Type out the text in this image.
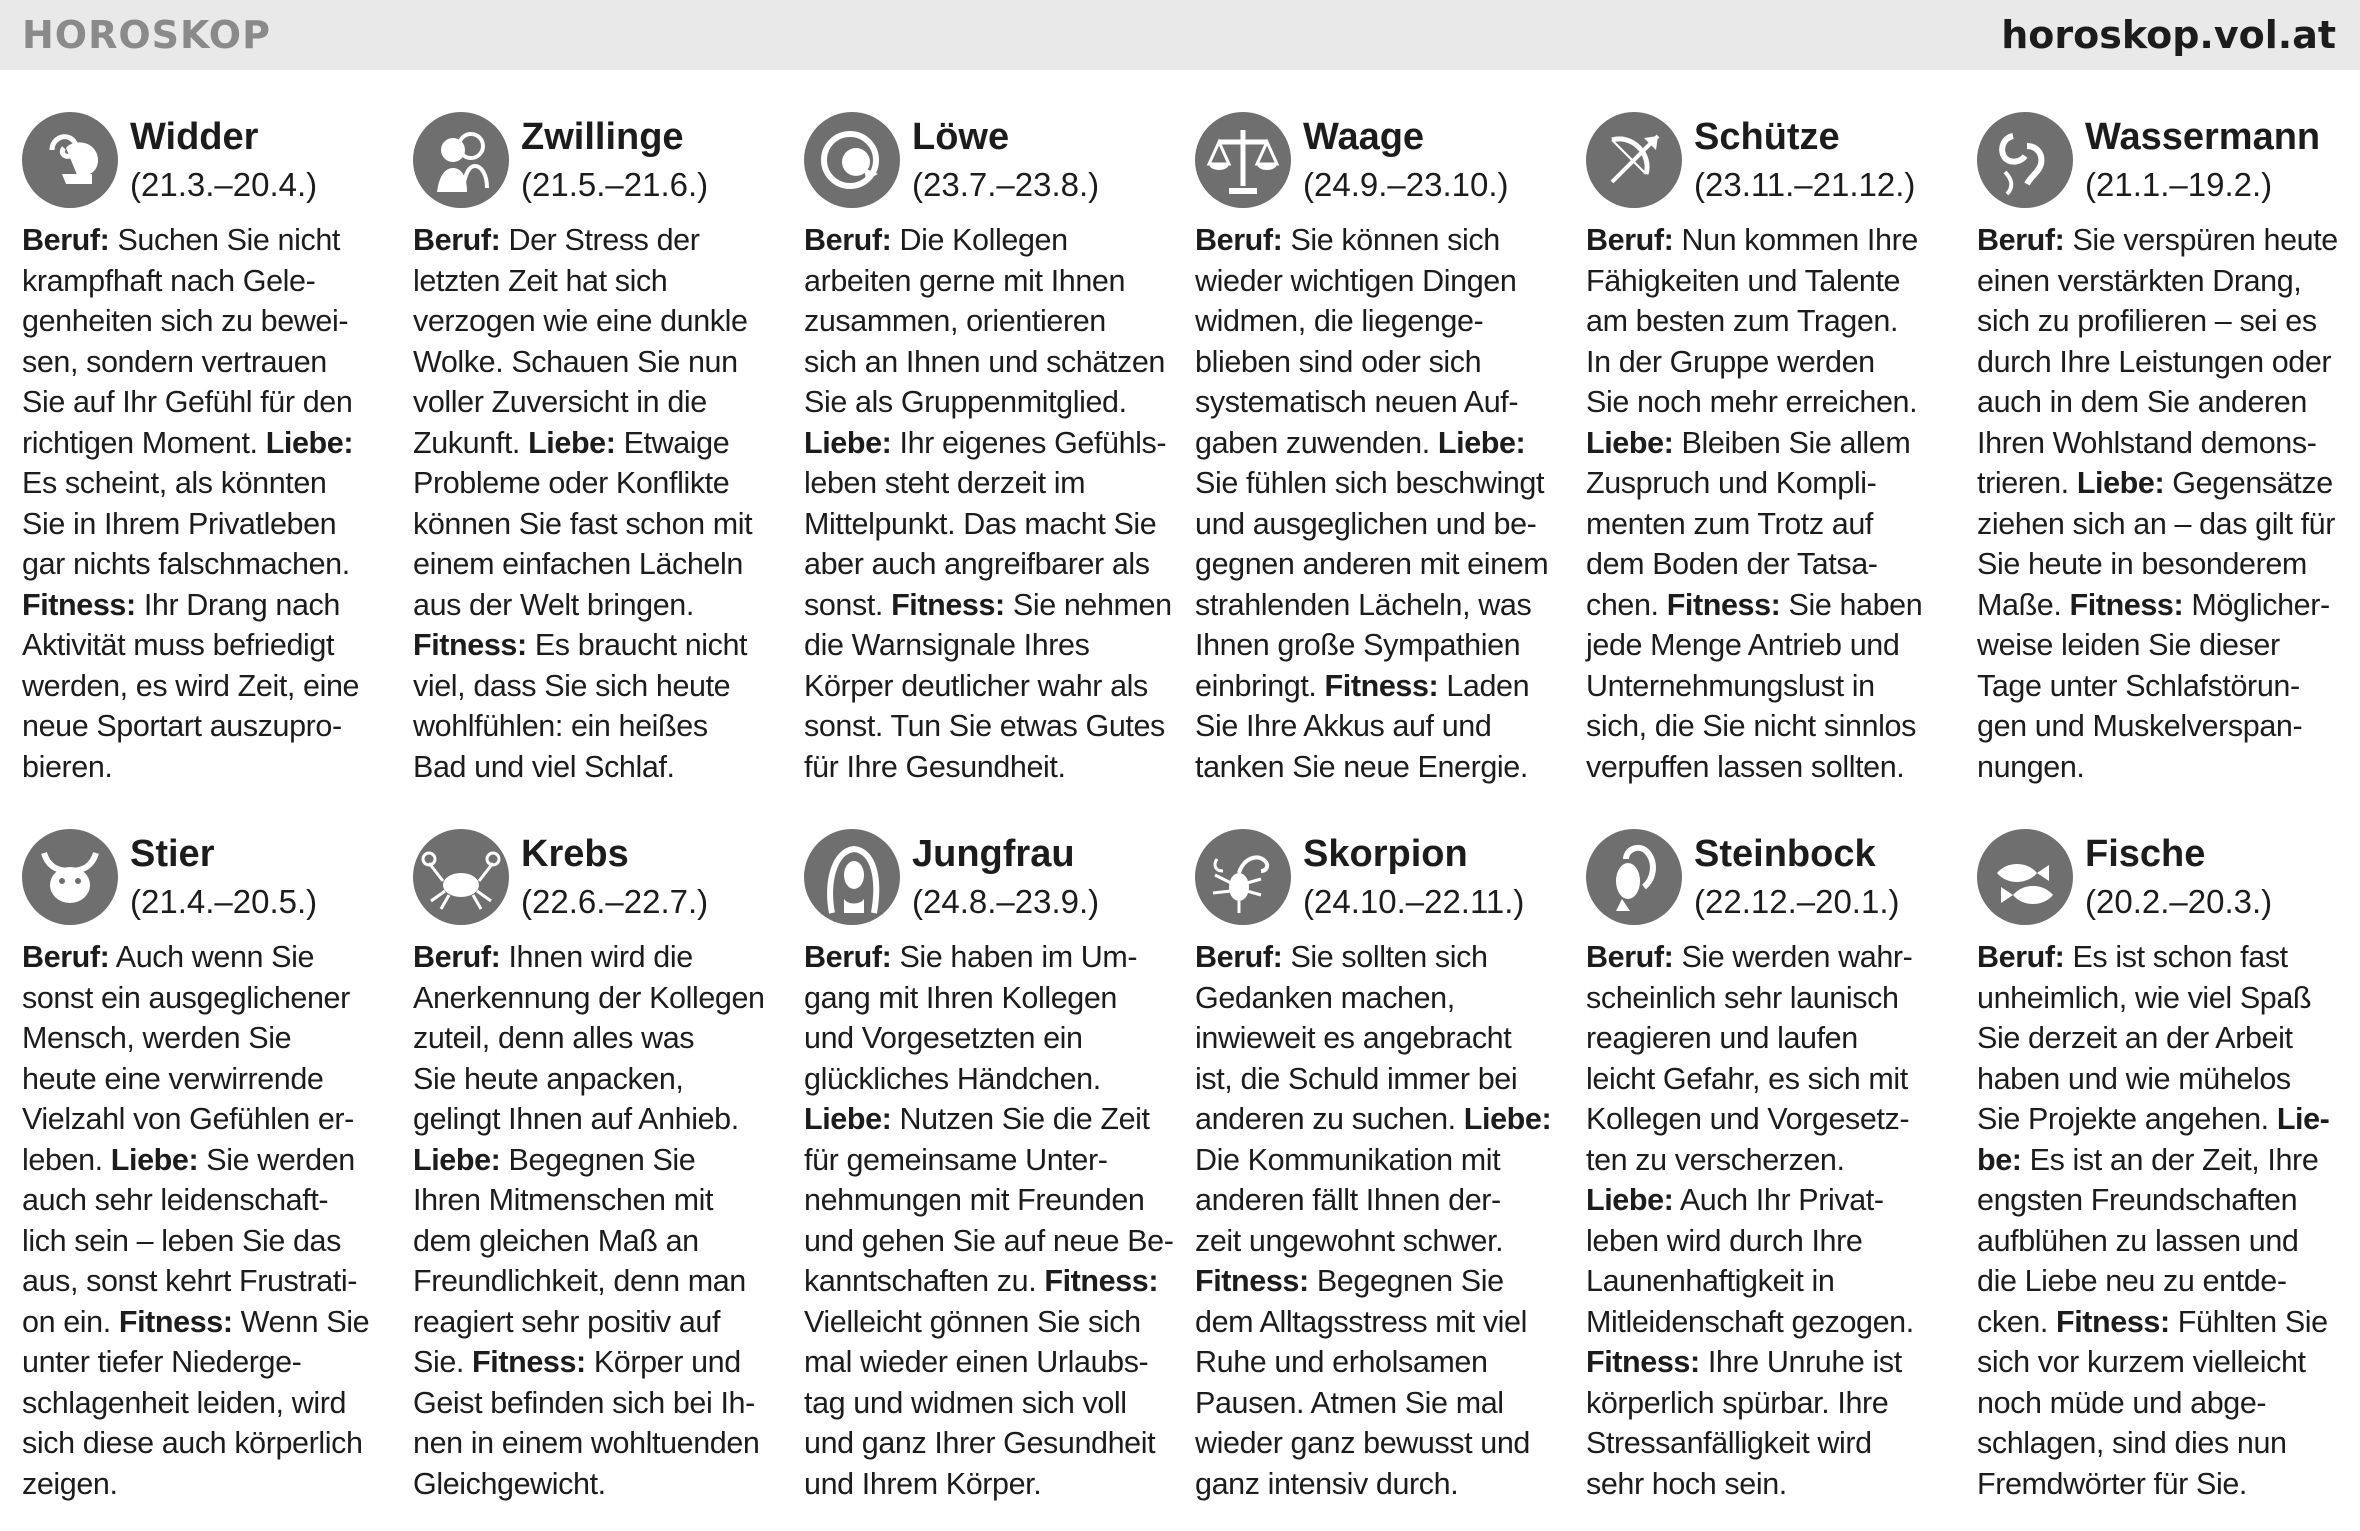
HOROSKOP	horoskop.vol.at
Widder
(21.3.–20.4.)
Beruf: Suchen Sie nicht
krampfhaft nach Gele-
genheiten sich zu bewei-
sen, sondern vertrauen
Sie auf Ihr Gefühl für den
richtigen Moment. Liebe:
Es scheint, als könnten
Sie in Ihrem Privatleben
gar nichts falschmachen.
Fitness: Ihr Drang nach
Aktivität muss befriedigt
werden, es wird Zeit, eine
neue Sportart auszupro-
bieren.
Zwillinge
(21.5.–21.6.)
Beruf: Der Stress der
letzten Zeit hat sich
verzogen wie eine dunkle
Wolke. Schauen Sie nun
voller Zuversicht in die
Zukunft. Liebe: Etwaige
Probleme oder Konflikte
können Sie fast schon mit
einem einfachen Lächeln
aus der Welt bringen.
Fitness: Es braucht nicht
viel, dass Sie sich heute
wohlfühlen: ein heißes
Bad und viel Schlaf.
Löwe
(23.7.–23.8.)
Beruf: Die Kollegen
arbeiten gerne mit Ihnen
zusammen, orientieren
sich an Ihnen und schätzen
Sie als Gruppenmitglied.
Liebe: Ihr eigenes Gefühls-
leben steht derzeit im
Mittelpunkt. Das macht Sie
aber auch angreifbarer als
sonst. Fitness: Sie nehmen
die Warnsignale Ihres
Körper deutlicher wahr als
sonst. Tun Sie etwas Gutes
für Ihre Gesundheit.
Waage
(24.9.–23.10.)
Beruf: Sie können sich
wieder wichtigen Dingen
widmen, die liegenge-
blieben sind oder sich
systematisch neuen Auf-
gaben zuwenden. Liebe:
Sie fühlen sich beschwingt
und ausgeglichen und be-
gegnen anderen mit einem
strahlenden Lächeln, was
Ihnen große Sympathien
einbringt. Fitness: Laden
Sie Ihre Akkus auf und
tanken Sie neue Energie.
Schütze
(23.11.–21.12.)
Beruf: Nun kommen Ihre
Fähigkeiten und Talente
am besten zum Tragen.
In der Gruppe werden
Sie noch mehr erreichen.
Liebe: Bleiben Sie allem
Zuspruch und Kompli-
menten zum Trotz auf
dem Boden der Tatsa-
chen. Fitness: Sie haben
jede Menge Antrieb und
Unternehmungslust in
sich, die Sie nicht sinnlos
verpuffen lassen sollten.
Wassermann
(21.1.–19.2.)
Beruf: Sie verspüren heute
einen verstärkten Drang,
sich zu profilieren – sei es
durch Ihre Leistungen oder
auch in dem Sie anderen
Ihren Wohlstand demons-
trieren. Liebe: Gegensätze
ziehen sich an – das gilt für
Sie heute in besonderem
Maße. Fitness: Möglicher-
weise leiden Sie dieser
Tage unter Schlafstörun-
gen und Muskelverspan-
nungen.
Stier
(21.4.–20.5.)
Beruf: Auch wenn Sie
sonst ein ausgeglichener
Mensch, werden Sie
heute eine verwirrende
Vielzahl von Gefühlen er-
leben. Liebe: Sie werden
auch sehr leidenschaft-
lich sein – leben Sie das
aus, sonst kehrt Frustrati-
on ein. Fitness: Wenn Sie
unter tiefer Niederge-
schlagenheit leiden, wird
sich diese auch körperlich
zeigen.
Krebs
(22.6.–22.7.)
Beruf: Ihnen wird die
Anerkennung der Kollegen
zuteil, denn alles was
Sie heute anpacken,
gelingt Ihnen auf Anhieb.
Liebe: Begegnen Sie
Ihren Mitmenschen mit
dem gleichen Maß an
Freundlichkeit, denn man
reagiert sehr positiv auf
Sie. Fitness: Körper und
Geist befinden sich bei Ih-
nen in einem wohltuenden
Gleichgewicht.
Jungfrau
(24.8.–23.9.)
Beruf: Sie haben im Um-
gang mit Ihren Kollegen
und Vorgesetzten ein
glückliches Händchen.
Liebe: Nutzen Sie die Zeit
für gemeinsame Unter-
nehmungen mit Freunden
und gehen Sie auf neue Be-
kanntschaften zu. Fitness:
Vielleicht gönnen Sie sich
mal wieder einen Urlaubs-
tag und widmen sich voll
und ganz Ihrer Gesundheit
und Ihrem Körper.
Skorpion
(24.10.–22.11.)
Beruf: Sie sollten sich
Gedanken machen,
inwieweit es angebracht
ist, die Schuld immer bei
anderen zu suchen. Liebe:
Die Kommunikation mit
anderen fällt Ihnen der-
zeit ungewohnt schwer.
Fitness: Begegnen Sie
dem Alltagsstress mit viel
Ruhe und erholsamen
Pausen. Atmen Sie mal
wieder ganz bewusst und
ganz intensiv durch.
Steinbock
(22.12.–20.1.)
Beruf: Sie werden wahr-
scheinlich sehr launisch
reagieren und laufen
leicht Gefahr, es sich mit
Kollegen und Vorgesetz-
ten zu verscherzen.
Liebe: Auch Ihr Privat-
leben wird durch Ihre
Launenhaftigkeit in
Mitleidenschaft gezogen.
Fitness: Ihre Unruhe ist
körperlich spürbar. Ihre
Stressanfälligkeit wird
sehr hoch sein.
Fische
(20.2.–20.3.)
Beruf: Es ist schon fast
unheimlich, wie viel Spaß
Sie derzeit an der Arbeit
haben und wie mühelos
Sie Projekte angehen. Lie-
be: Es ist an der Zeit, Ihre
engsten Freundschaften
aufblühen zu lassen und
die Liebe neu zu entde-
cken. Fitness: Fühlten Sie
sich vor kurzem vielleicht
noch müde und abge-
schlagen, sind dies nun
Fremdwörter für Sie.
